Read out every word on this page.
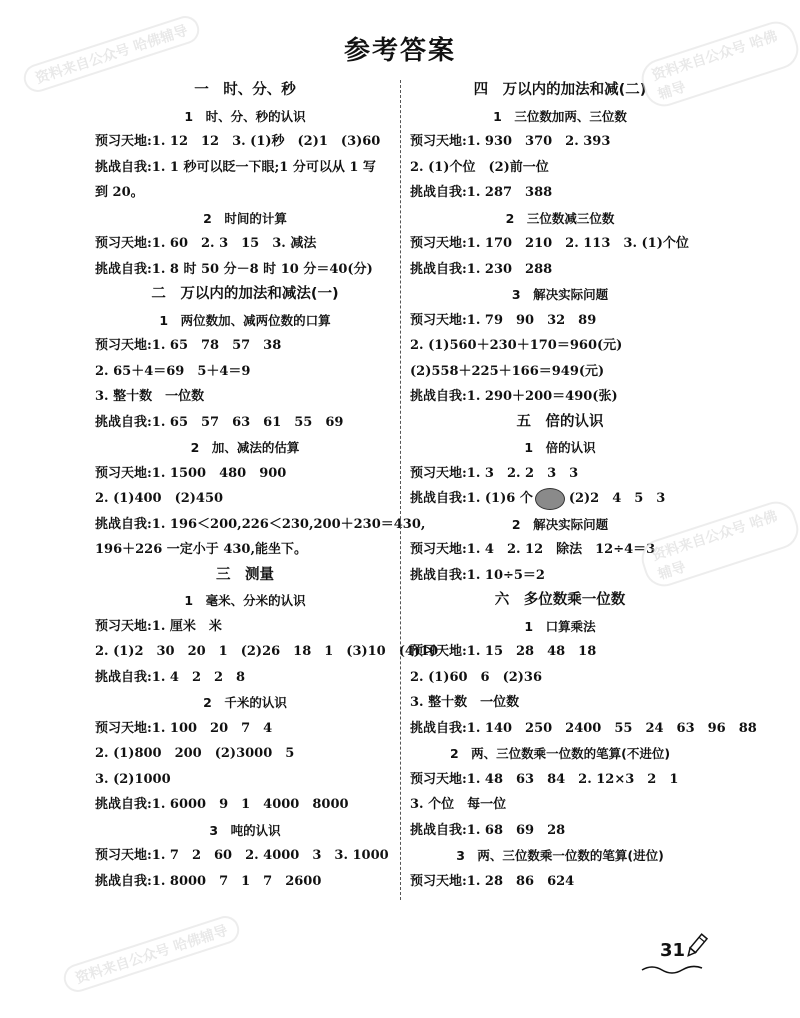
参考答案
一　时、分、秒
1　时、分、秒的认识
预习天地:1. 12　12　3. (1)秒　(2)1　(3)60
挑战自我:1. 1 秒可以眨一下眼;1 分可以从 1 写
到 20。
2　时间的计算
预习天地:1. 60　2. 3　15　3. 减法
挑战自我:1. 8 时 50 分－8 时 10 分＝40(分)
二　万以内的加法和减法(一)
1　两位数加、减两位数的口算
预习天地:1. 65　78　57　38
2. 65＋4＝69　5＋4＝9
3. 整十数　一位数
挑战自我:1. 65　57　63　61　55　69
2　加、减法的估算
预习天地:1. 1500　480　900
2. (1)400　(2)450
挑战自我:1. 196＜200,226＜230,200＋230＝430,
196＋226 一定小于 430,能坐下。
三　测量
1　毫米、分米的认识
预习天地:1. 厘米　米
2. (1)2　30　20　1　(2)26　18　1　(3)10　(4)10
挑战自我:1. 4　2　2　8
2　千米的认识
预习天地:1. 100　20　7　4
2. (1)800　200　(2)3000　5
3. (2)1000
挑战自我:1. 6000　9　1　4000　8000
3　吨的认识
预习天地:1. 7　2　60　2. 4000　3　3. 1000
挑战自我:1. 8000　7　1　7　2600
四　万以内的加法和减(二)
1　三位数加两、三位数
预习天地:1. 930　370　2. 393
2. (1)个位　(2)前一位
挑战自我:1. 287　388
2　三位数减三位数
预习天地:1. 170　210　2. 113　3. (1)个位
挑战自我:1. 230　288
3　解决实际问题
预习天地:1. 79　90　32　89
2. (1)560＋230＋170＝960(元)
(2)558＋225＋166＝949(元)
挑战自我:1. 290＋200＝490(张)
五　倍的认识
1　倍的认识
预习天地:1. 3　2. 2　3　3
挑战自我:1. (1)6 个	(2)2　4　5　3
2　解决实际问题
预习天地:1. 4　2. 12　除法　12÷4＝3
挑战自我:1. 10÷5＝2
六　多位数乘一位数
1　口算乘法
预习天地:1. 15　28　48　18
2. (1)60　6　(2)36
3. 整十数　一位数
挑战自我:1. 140　250　2400　55　24　63　96　88
2　两、三位数乘一位数的笔算(不进位)
预习天地:1. 48　63　84　2. 12×3　2　1
3. 个位　每一位
挑战自我:1. 68　69　28
3　两、三位数乘一位数的笔算(进位)
预习天地:1. 28　86　624
31
资料来自公众号 哈佛辅导	资料来自公众号 哈佛辅导
资料来自公众号 哈佛辅导
资料来自公众号 哈佛辅导
